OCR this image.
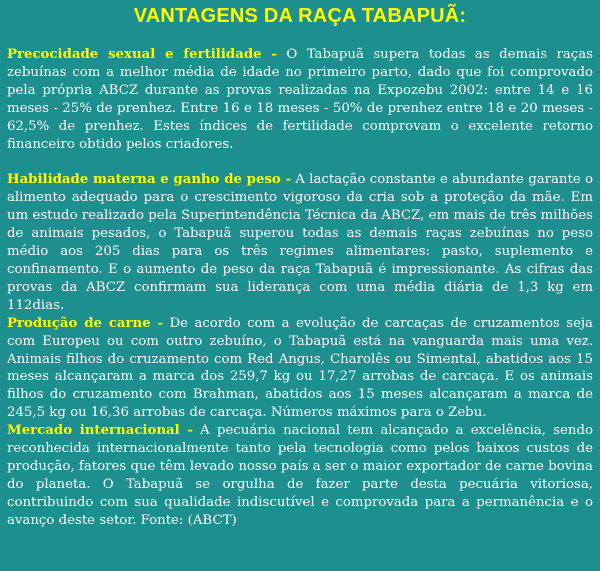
VANTAGENS DA RAÇA TABAPUÃ:

Precocidade sexual e fertilidade - O Tabapuã supera todas as demais raças zebuínas com a melhor média de idade no primeiro parto, dado que foi comprovado pela própria ABCZ durante as provas realizadas na Expozebu 2002: entre 14 e 16 meses - 25% de prenhez. Entre 16 e 18 meses - 50% de prenhez entre 18 e 20 meses - 62,5% de prenhez. Estes índices de fertilidade comprovam o excelente retorno financeiro obtido pelos criadores.

Habilidade materna e ganho de peso - A lactação constante e abundante garante o alimento adequado para o crescimento vigoroso da cria sob a proteção da mãe. Em um estudo realizado pela Superintendência Técnica da ABCZ, em mais de três milhões de animais pesados, o Tabapuã superou todas as demais raças zebuínas no peso médio aos 205 dias para os três regimes alimentares: pasto, suplemento e confinamento. E o aumento de peso da raça Tabapuã é impressionante. As cifras das provas da ABCZ confirmam sua liderança com uma média diária de 1,3 kg em 112dias.

Produção de carne - De acordo com a evolução de carcaças de cruzamentos seja com Europeu ou com outro zebuíno, o Tabapuã está na vanguarda mais uma vez. Animais filhos do cruzamento com Red Angus, Charolês ou Simental, abatidos aos 15 meses alcançaram a marca dos 259,7 kg ou 17,27 arrobas de carcaça. E os animais filhos do cruzamento com Brahman, abatidos aos 15 meses alcançaram a marca de 245,5 kg ou 16,36 arrobas de carcaça. Números máximos para o Zebu.

Mercado internacional - A pecuária nacional tem alcançado a excelência, sendo reconhecida internacionalmente tanto pela tecnologia como pelos baixos custos de produção, fatores que têm levado nosso país a ser o maior exportador de carne bovina do planeta. O Tabapuã se orgulha de fazer parte desta pecuária vitoriosa, contribuindo com sua qualidade indiscutível e comprovada para a permanência e o avanço deste setor. Fonte: (ABCT)
